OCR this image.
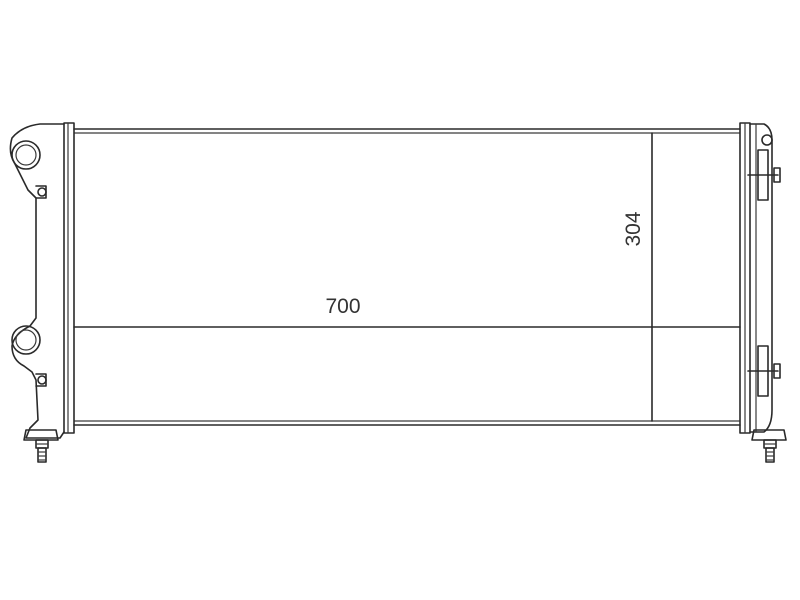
700
304
